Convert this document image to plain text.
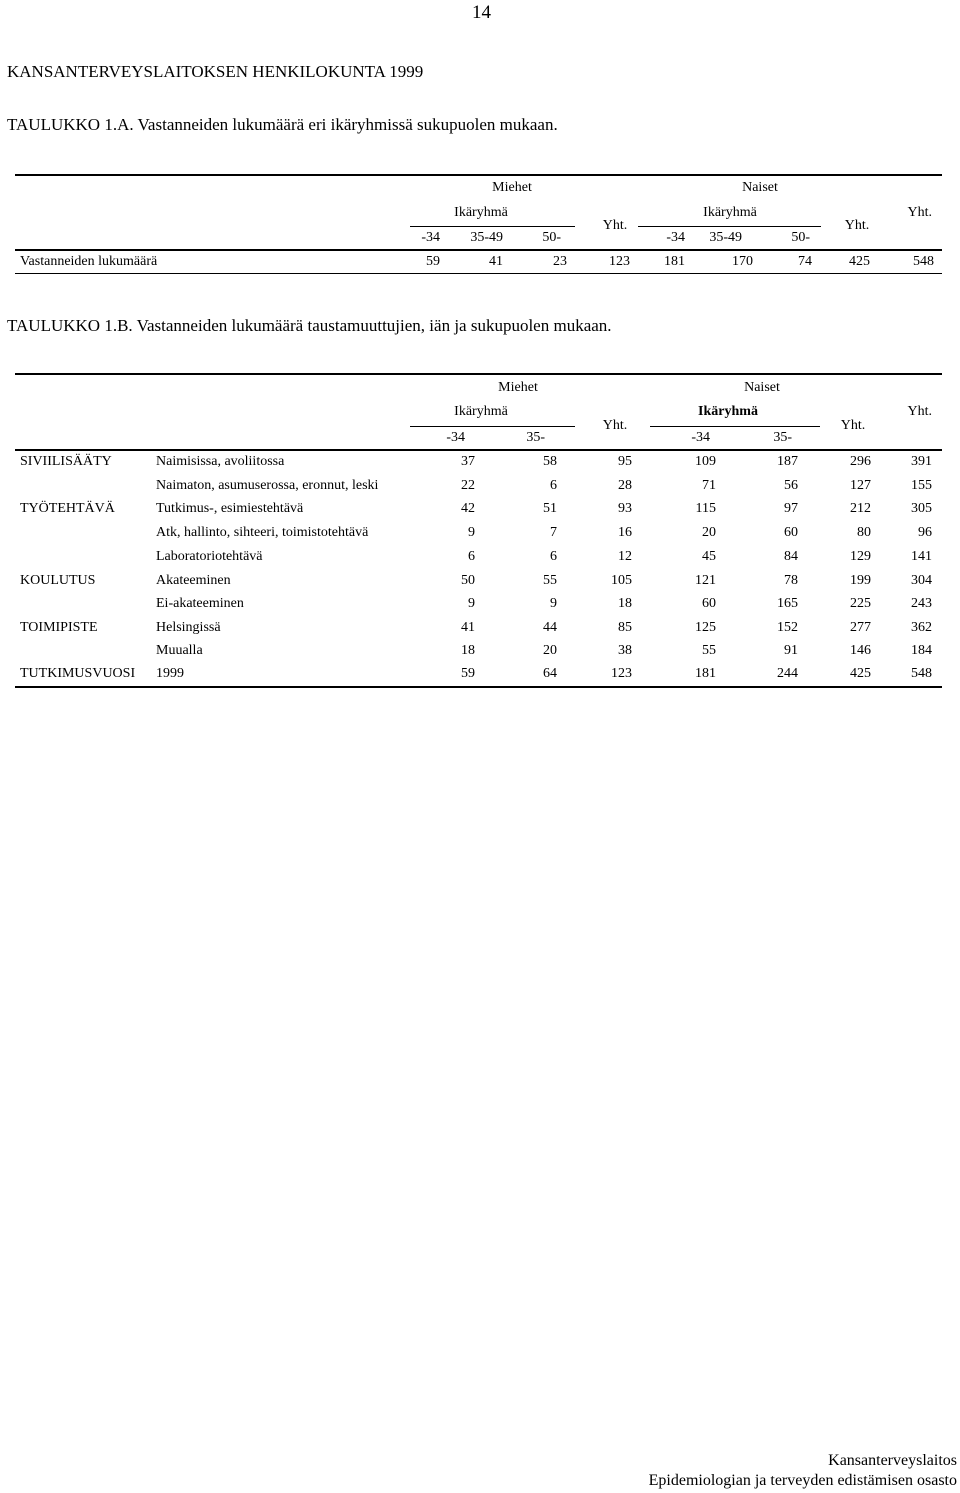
14
KANSANTERVEYSLAITOKSEN HENKILOKUNTA 1999
TAULUKKO 1.A. Vastanneiden lukumäärä eri ikäryhmissä sukupuolen mukaan.
Miehet	Naiset
Ikäryhmä	Ikäryhmä	Yht.
Yht.	Yht.
-34	35-49	50-	-34	35-49	50-
Vastanneiden lukumäärä	59	41	23	123	181	170	74	425	548
TAULUKKO 1.B. Vastanneiden lukumäärä taustamuuttujien, iän ja sukupuolen mukaan.
Miehet	Naiset
Ikäryhmä	Ikäryhmä	Yht.
Yht.	Yht.
-34	35-	-34	35-
SIVIILISÄÄTY	Naimisissa, avoliitossa	37	58	95	109	187	296	391
Naimaton, asumuserossa, eronnut, leski	22	6	28	71	56	127	155
TYÖTEHTÄVÄ	Tutkimus-, esimiestehtävä	42	51	93	115	97	212	305
Atk, hallinto, sihteeri, toimistotehtävä	9	7	16	20	60	80	96
Laboratoriotehtävä	6	6	12	45	84	129	141
KOULUTUS	Akateeminen	50	55	105	121	78	199	304
Ei-akateeminen	9	9	18	60	165	225	243
TOIMIPISTE	Helsingissä	41	44	85	125	152	277	362
Muualla	18	20	38	55	91	146	184
TUTKIMUSVUOSI 1999	59	64	123	181	244	425	548
Kansanterveyslaitos
Epidemiologian ja terveyden edistämisen osasto
